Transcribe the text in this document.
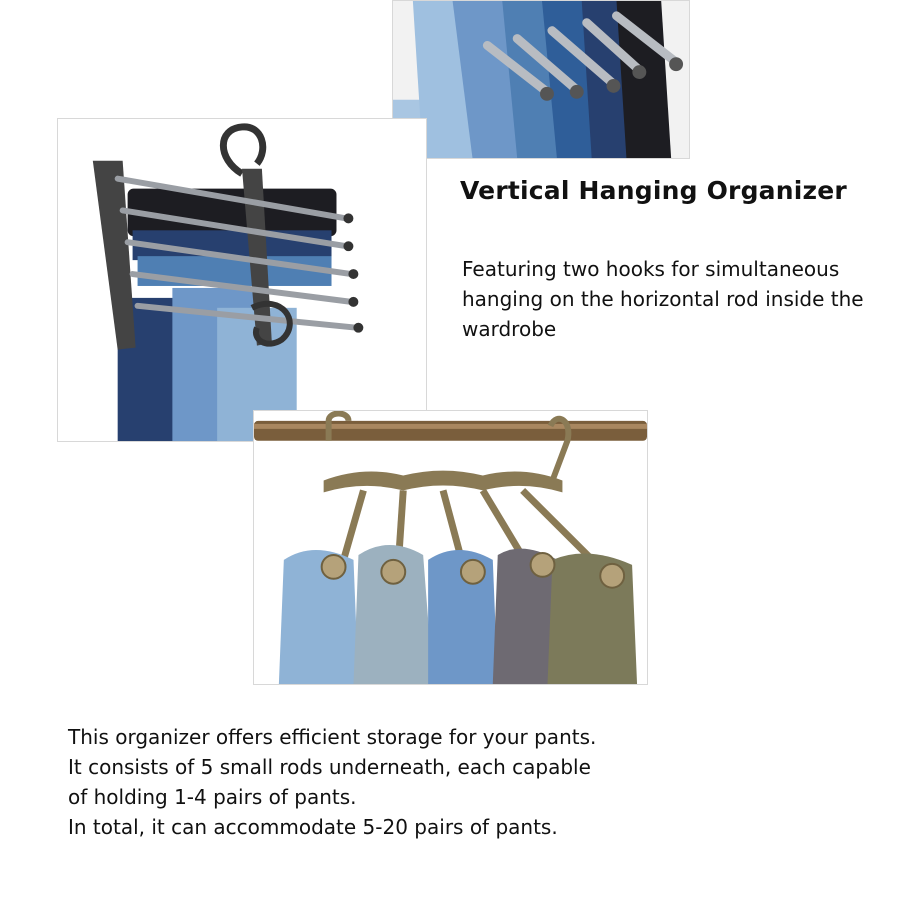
Vertical Hanging Organizer

Featuring two hooks for simultaneous hanging on the horizontal rod inside the wardrobe

This organizer offers efficient storage for your pants.
It consists of 5 small rods underneath, each capable
of holding 1-4 pairs of pants.
In total, it can accommodate 5-20 pairs of pants.
